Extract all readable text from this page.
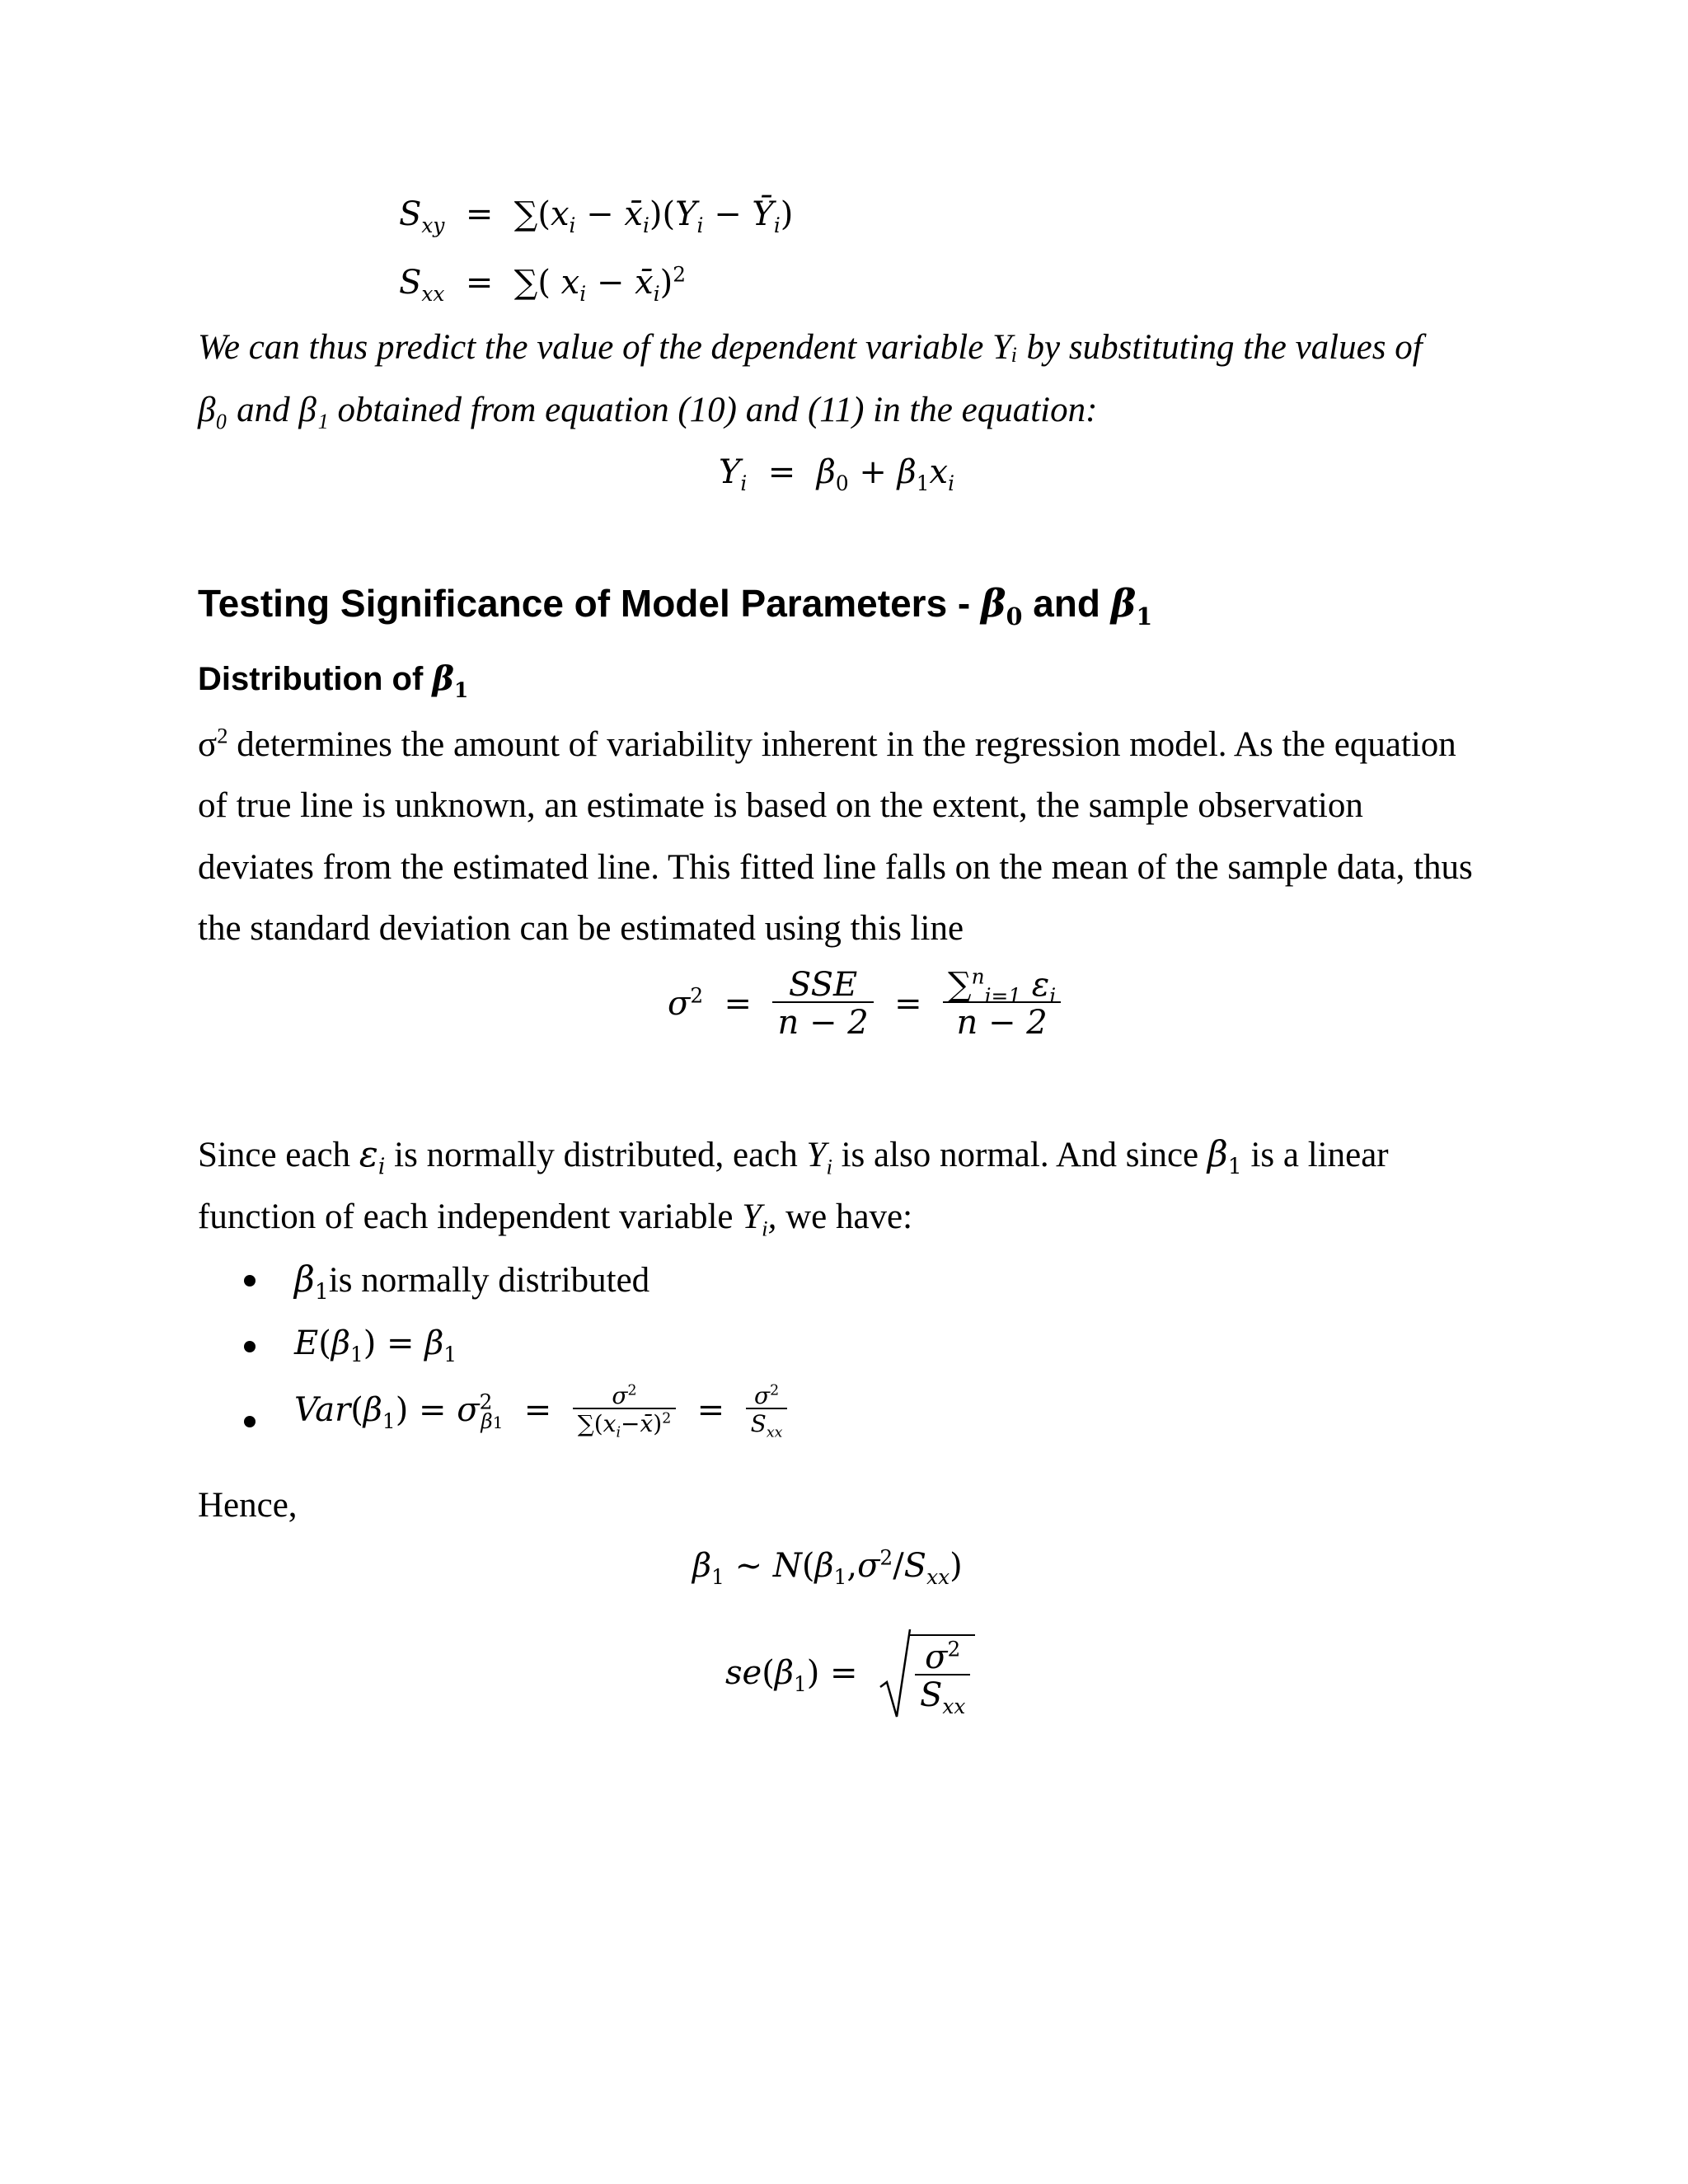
$S_{xy} = \sum(x_i$ − $x̄_i)(Y_i$ − $Ȳ_i$)
$S_{xx}$  =  ∑( $x_i$ − $x̄_i)^2$
We can thus predict the value of the dependent variable Yᵢ by substituting the values of
β₀ and β₁ obtained from equation (10) and (11) in the equation:
$Y_i = \beta_0 + \beta_1x_i$
Testing Significance of Model Parameters - $\beta_0$ and $\beta_1$
Distribution of $\beta_1$
$\sigma^2$ determines the amount of variability inherent in the regression model. As the equation
of true line is unknown, an estimate is based on the extent, the sample observation
deviates from the estimated line. This fitted line falls on the mean of the sample data, thus
the standard deviation can be estimated using this line
$\sigma^2 = \frac{\text{SSE}}{n - 2} = \frac{\sum^n_{i=1} \varepsilon_i}{n - 2}$
Since each $\varepsilon_i$ is normally distributed, each $Y_i$ is also normal. And since $\beta_1$ is a linear
function of each independent variable $Y_i$, we have:
$\beta_1is$ normally distributed
$E(\beta_1) = \beta_1$
$Var(\beta_1) = \sigma^2_{\beta 1} = \frac{\sigma^2}{\sum(x_i-x̄)^2} = \frac{\sigma^2}{S_{xx}}$
Hence,
$\beta_1$ ~ $N(\beta_1,\sigma^2/S_{xx})$
$se(\beta_1) = \frac{\sigma^2}{S_{xx}}$
